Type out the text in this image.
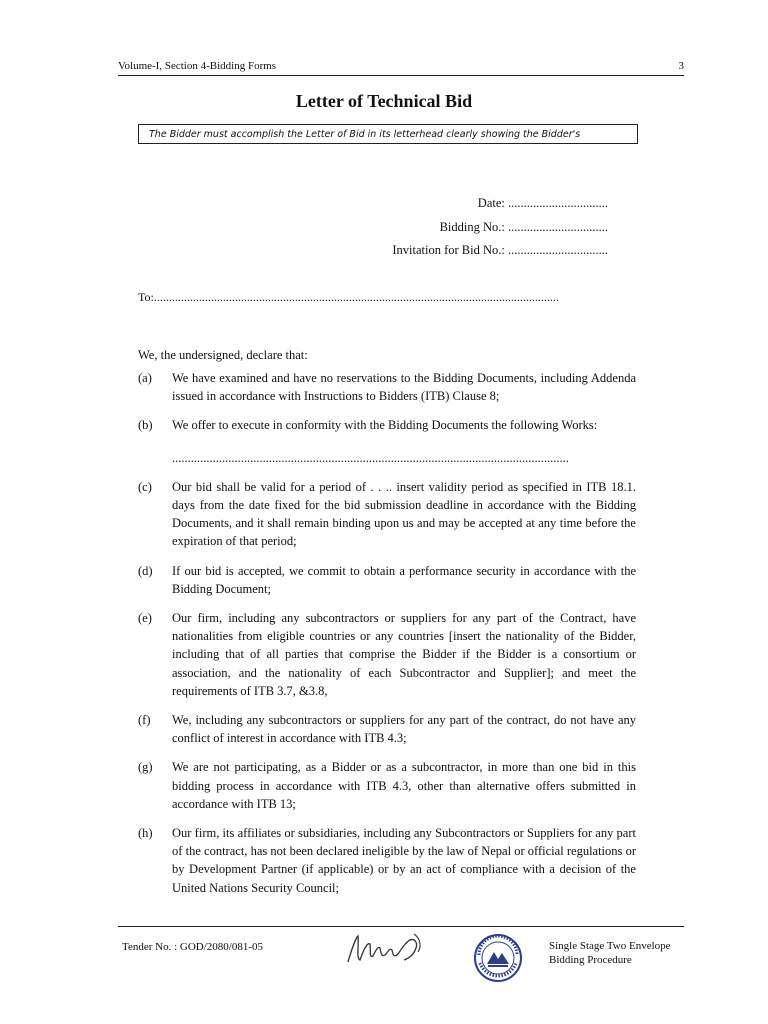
Volume-I, Section 4-Bidding Forms	3
Letter of Technical Bid
The Bidder must accomplish the Letter of Bid in its letterhead clearly showing the Bidder's
Date: ................................
Bidding No.: ................................
Invitation for Bid No.: ................................
To:.......................................................................................................................................
We, the undersigned, declare that:
(a)	We have examined and have no reservations to the Bidding Documents, including Addenda issued in accordance with Instructions to Bidders (ITB) Clause 8;
(b)	We offer to execute in conformity with the Bidding Documents the following Works:
...............................................................................................................................
(c)	Our bid shall be valid for a period of . . .. insert validity period as specified in ITB 18.1. days from the date fixed for the bid submission deadline in accordance with the Bidding Documents, and it shall remain binding upon us and may be accepted at any time before the expiration of that period;
(d)	If our bid is accepted, we commit to obtain a performance security in accordance with the Bidding Document;
(e)	Our firm, including any subcontractors or suppliers for any part of the Contract, have nationalities from eligible countries or any countries [insert the nationality of the Bidder, including that of all parties that comprise the Bidder if the Bidder is a consortium or association, and the nationality of each Subcontractor and Supplier]; and meet the requirements of ITB 3.7, &3.8,
(f)	We, including any subcontractors or suppliers for any part of the contract, do not have any conflict of interest in accordance with ITB 4.3;
(g)	We are not participating, as a Bidder or as a subcontractor, in more than one bid in this bidding process in accordance with ITB 4.3, other than alternative offers submitted in accordance with ITB 13;
(h)	Our firm, its affiliates or subsidiaries, including any Subcontractors or Suppliers for any part of the contract, has not been declared ineligible by the law of Nepal or official regulations or by Development Partner (if applicable) or by an act of compliance with a decision of the United Nations Security Council;
Tender No. : GOD/2080/081-05	Single Stage Two Envelope
Bidding Procedure
